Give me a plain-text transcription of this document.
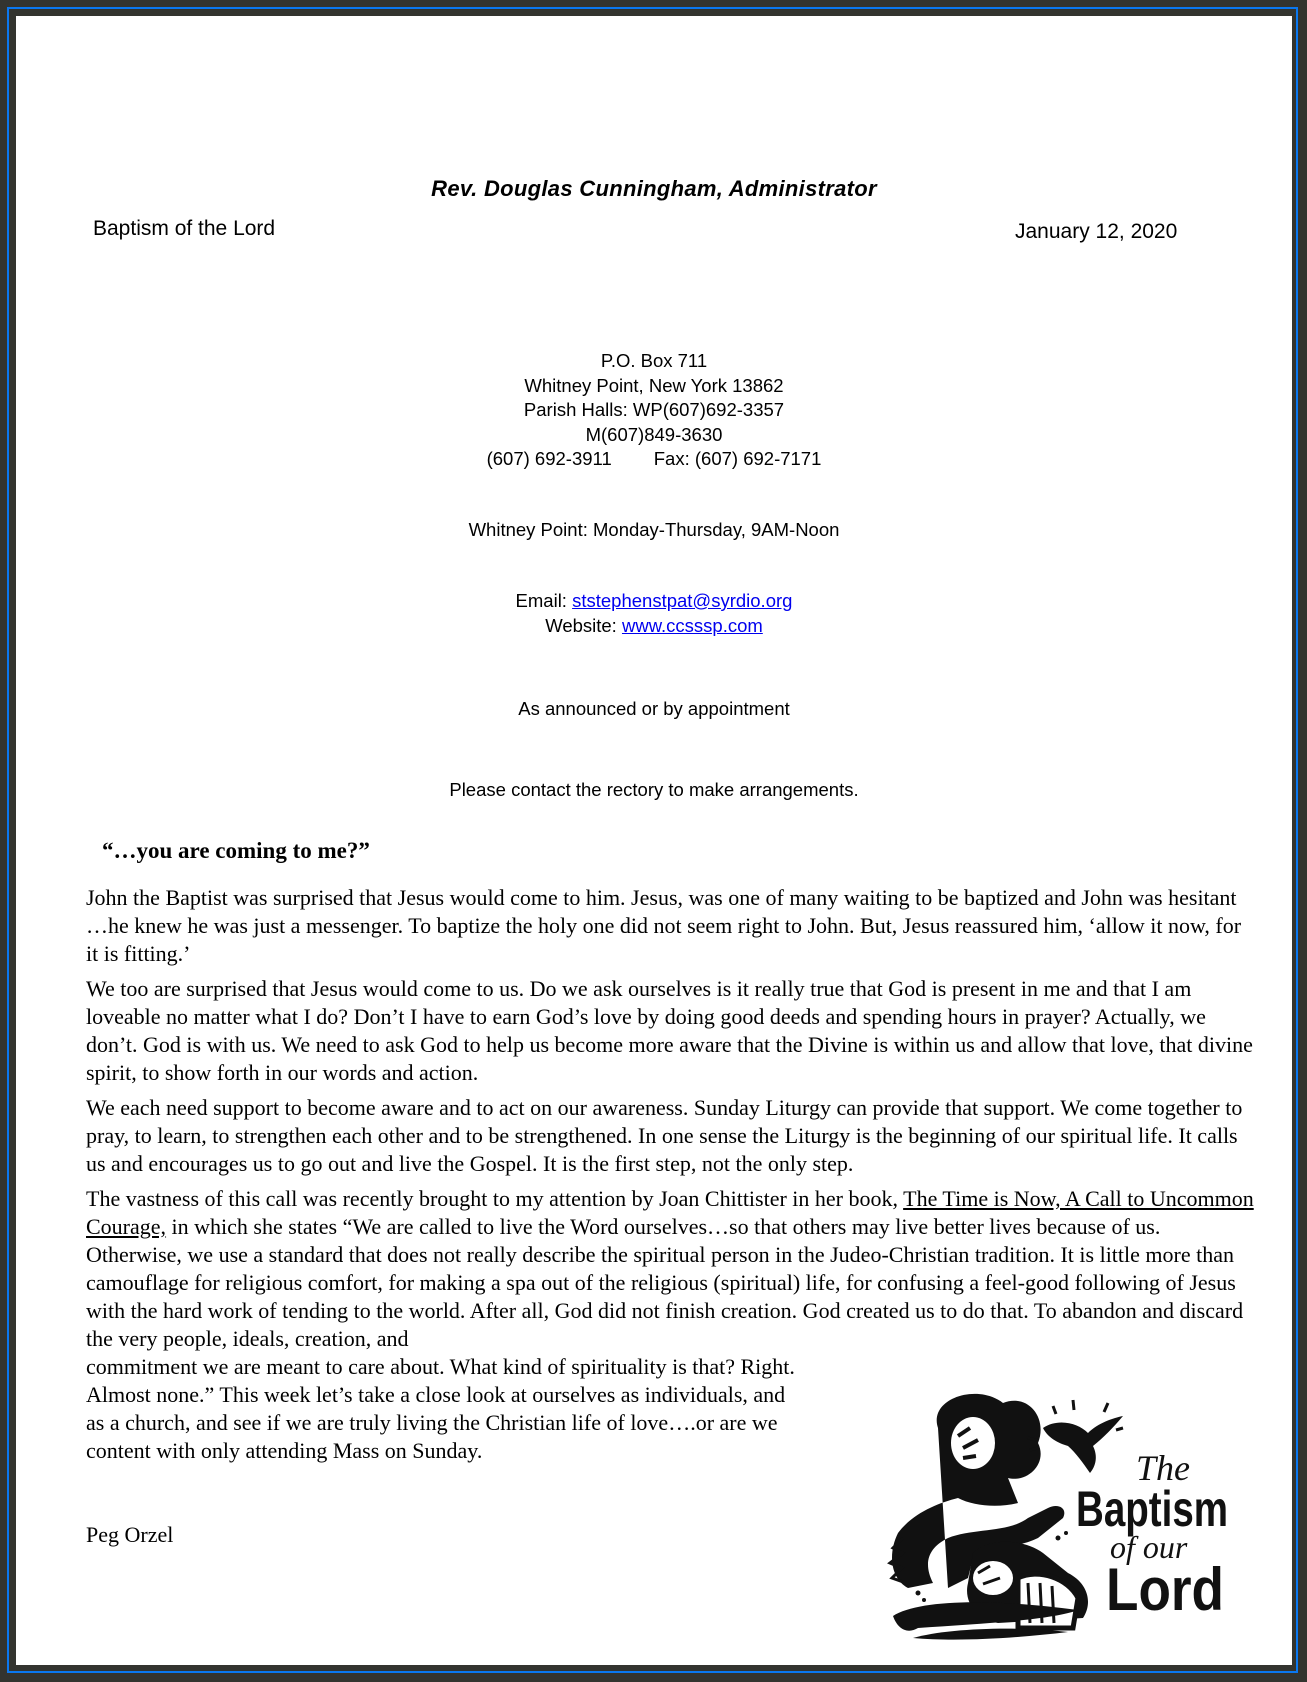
Rev. Douglas Cunningham, Administrator
Baptism of the Lord	January 12, 2020
P.O. Box 711
Whitney Point, New York 13862
Parish Halls: WP(607)692-3357
M(607)849-3630
(607) 692-3911 Fax: (607) 692-7171
Whitney Point: Monday-Thursday, 9AM-Noon
Email: ststephenstpat@syrdio.org
Website: www.ccsssp.com
As announced or by appointment
Please contact the rectory to make arrangements.
“…you are coming to me?”

John the Baptist was surprised that Jesus would come to him. Jesus, was one of many waiting to be baptized and John was hesitant …he knew he was just a messenger. To baptize the holy one did not seem right to John. But, Jesus reassured him, ‘allow it now, for it is fitting.’

We too are surprised that Jesus would come to us. Do we ask ourselves is it really true that God is present in me and that I am loveable no matter what I do? Don’t I have to earn God’s love by doing good deeds and spending hours in prayer? Actually, we don’t. God is with us. We need to ask God to help us become more aware that the Divine is within us and allow that love, that divine spirit, to show forth in our words and action.

We each need support to become aware and to act on our awareness. Sunday Liturgy can provide that support. We come together to pray, to learn, to strengthen each other and to be strengthened. In one sense the Liturgy is the beginning of our spiritual life. It calls us and encourages us to go out and live the Gospel. It is the first step, not the only step.

The vastness of this call was recently brought to my attention by Joan Chittister in her book, The Time is Now, A Call to Uncommon Courage, in which she states “We are called to live the Word ourselves…so that others may live better lives because of us. Otherwise, we use a standard that does not really describe the spiritual person in the Judeo-Christian tradition. It is little more than camouflage for religious comfort, for making a spa out of the religious (spiritual) life, for confusing a feel-good following of Jesus with the hard work of tending to the world. After all, God did not finish creation. God created us to do that. To abandon and discard the very people, ideals, creation, and

commitment we are meant to care about. What kind of spirituality is that? Right.
Almost none.” This week let’s take a close look at ourselves as individuals, and
as a church, and see if we are truly living the Christian life of love….or are we
content with only attending Mass on Sunday.
Peg Orzel
The
Baptism
of our
Lord
